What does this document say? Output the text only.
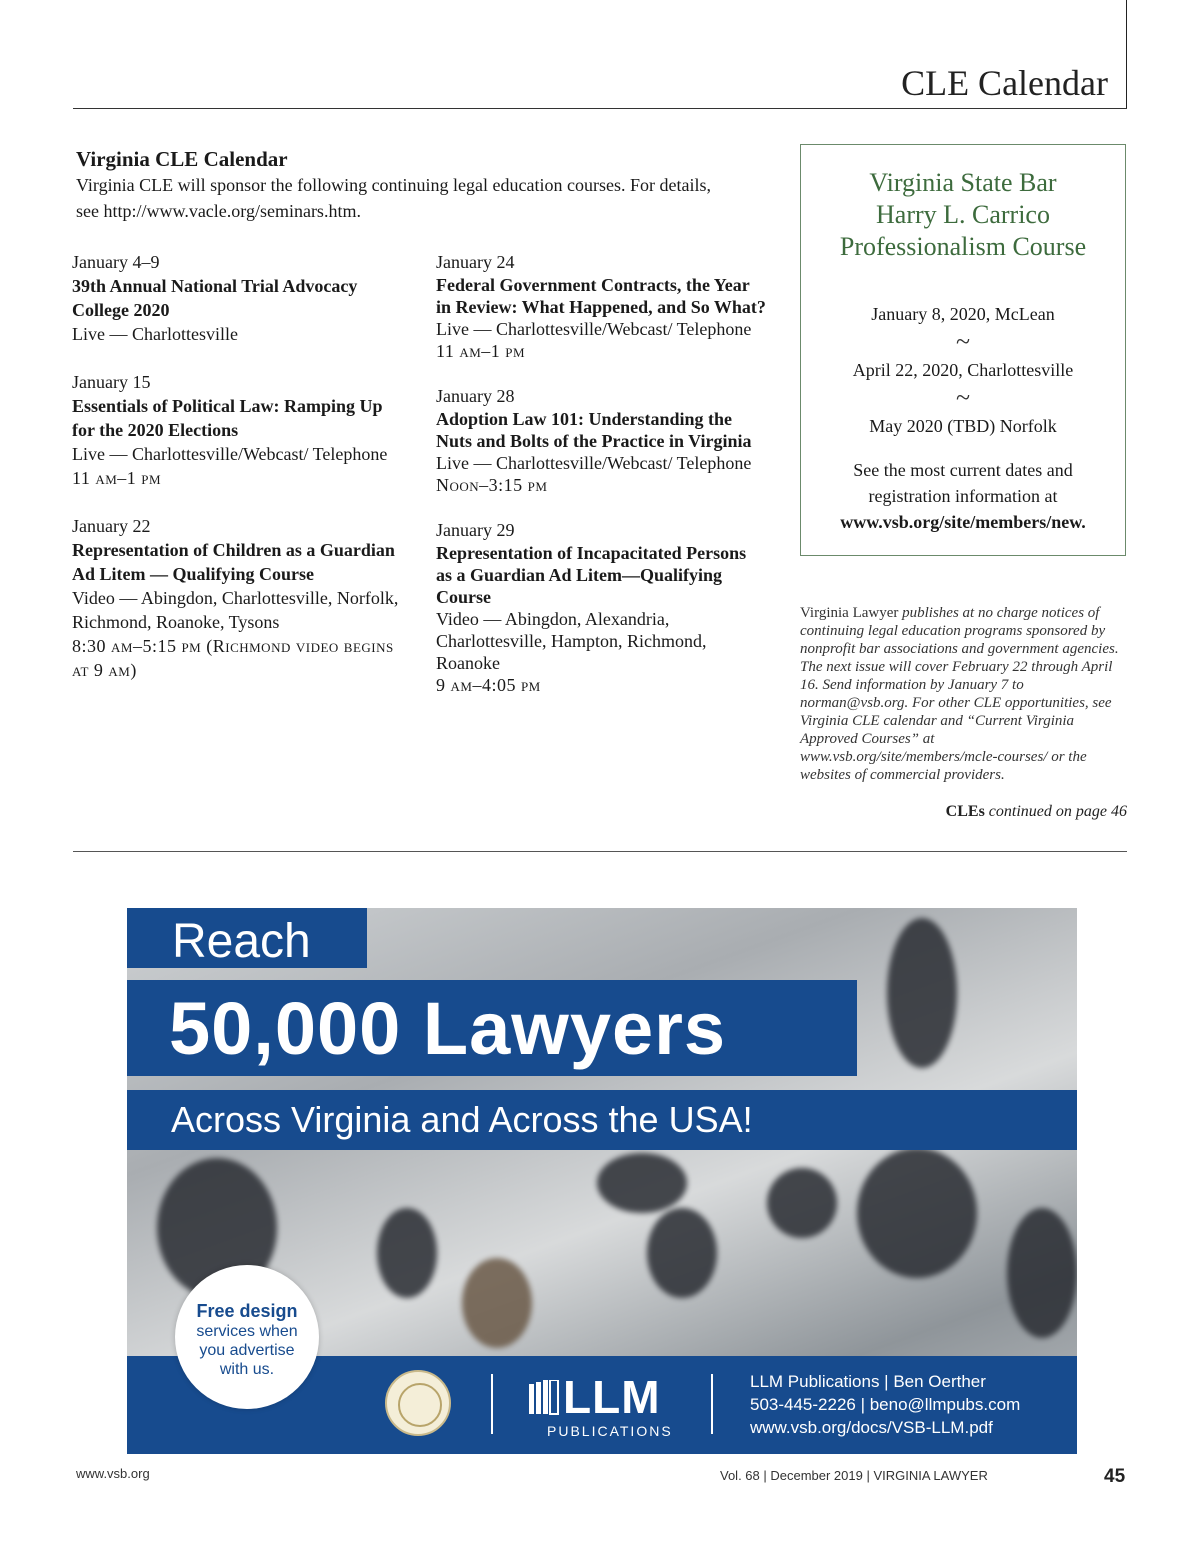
CLE Calendar
Virginia CLE Calendar
Virginia CLE will sponsor the following continuing legal education courses. For details, see http://www.vacle.org/seminars.htm.
January 4–9
39th Annual National Trial Advocacy College 2020
Live — Charlottesville
January 15
Essentials of Political Law: Ramping Up for the 2020 Elections
Live — Charlottesville/Webcast/ Telephone
11 am–1 pm
January 22
Representation of Children as a Guardian Ad Litem — Qualifying Course
Video — Abingdon, Charlottesville, Norfolk, Richmond, Roanoke, Tysons
8:30 am–5:15 pm (Richmond video begins at 9 am)
January 24
Federal Government Contracts, the Year in Review: What Happened, and So What?
Live — Charlottesville/Webcast/ Telephone
11 am–1 pm
January 28
Adoption Law 101: Understanding the Nuts and Bolts of the Practice in Virginia
Live — Charlottesville/Webcast/ Telephone
Noon–3:15 pm
January 29
Representation of Incapacitated Persons as a Guardian Ad Litem—Qualifying Course
Video — Abingdon, Alexandria, Charlottesville, Hampton, Richmond, Roanoke
9 am–4:05 pm
Virginia State Bar
Harry L. Carrico
Professionalism Course
January 8, 2020, McLean
~
April 22, 2020, Charlottesville
~
May 2020 (TBD) Norfolk
See the most current dates and registration information at
www.vsb.org/site/members/new.
Virginia Lawyer publishes at no charge notices of continuing legal education programs sponsored by nonprofit bar associations and government agencies. The next issue will cover February 22 through April 16. Send information by January 7 to norman@vsb.org. For other CLE opportunities, see Virginia CLE calendar and “Current Virginia Approved Courses” at www.vsb.org/site/members/mcle-courses/ or the websites of commercial providers.
CLEs continued on page 46
Reach
50,000 Lawyers
Across Virginia and Across the USA!
LLM
PUBLICATIONS
LLM Publications | Ben Oerther
503-445-2226 | beno@llmpubs.com
www.vsb.org/docs/VSB-LLM.pdf
Free design
services when you advertise with us.
www.vsb.org	Vol. 68 | December 2019 | VIRGINIA LAWYER	45
